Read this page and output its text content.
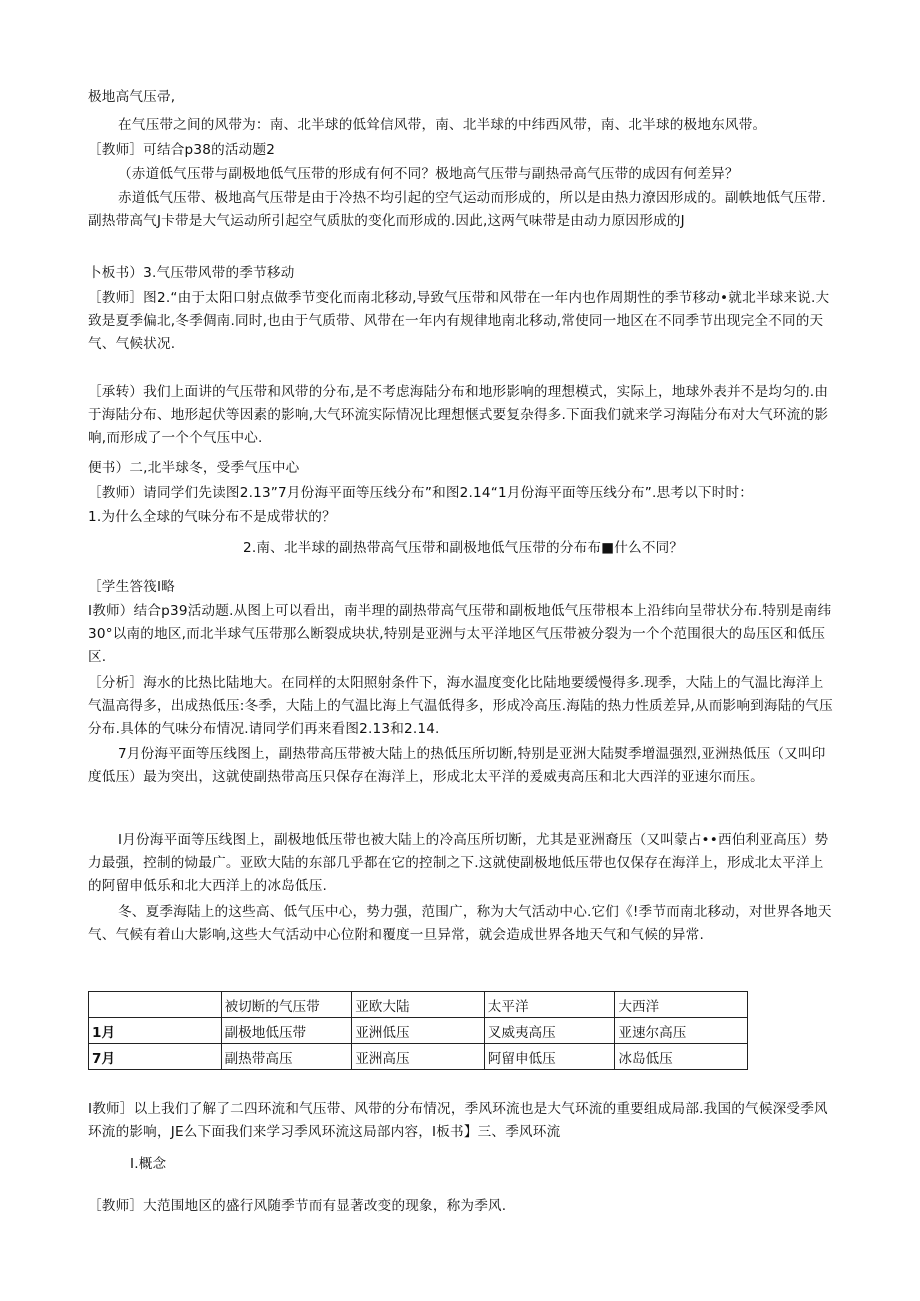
极地高气压帚,

在气压带之间的风带为：南、北半球的低耸信风带，南、北半球的中纬西风带，南、北半球的极地东风带。

［教师］可结合p38的活动题2

（赤道低气压带与副极地低气压带的形成有何不同？极地高气压带与副热帚高气压带的成因有何差异？

赤道低气压带、极地高气压带是由于冷热不均引起的空气运动而形成的，所以是由热力潦因形成的。副帙地低气压带.副热带高气J卡带是大气运动所引起空气质肽的变化而形成的.因此,这两气味带是由动力原因形成的J

卜板书）3.气压带风带的季节移动

［教师］图2.“由于太阳口射点做季节变化而南北移动,导致气压带和风带在一年内也作周期性的季节移动•就北半球来说.大致是夏季偏北,冬季倜南.同时,也由于气质带、风带在一年内有规律地南北移动,常使同一地区在不同季节出现完全不同的天气、气候状况.

［承转）我们上面讲的气压带和风带的分布,是不考虑海陆分布和地形影响的理想模式，实际上，地球外表并不是均匀的.由于海陆分布、地形起伏等因素的影响,大气环流实际情况比理想惬式要复杂得多.下面我们就来学习海陆分布对大气环流的影响,而形成了一个个气压中心.

便书）二,北半球冬，受季气压中心

［教师）请同学们先读图2.13”7月份海平面等压线分布”和图2.14“1月份海平面等压线分布”.思考以下时时：

1.为什么全球的气味分布不是成带状的？

2.南、北半球的副热带高气压带和副极地低气压带的分布布■什么不同？

［学生答筏I略

I教师）结合p39活动题.从图上可以看出，南半理的副热带高气压带和副板地低气压带根本上沿纬向呈带状分布.特别是南纬30°以南的地区,而北半球气压带那么断裂成块状,特别是亚洲与太平洋地区气压带被分裂为一个个范围很大的岛压区和低压区.

［分析］海水的比热比陆地大。在同样的太阳照射条件下，海水温度变化比陆地要缓慢得多.现季，大陆上的气温比海洋上气温高得多，出成热低压:冬季，大陆上的气温比海上气温低得多，形成冷高压.海陆的热力性质差异,从而影响到海陆的气压分布.具体的气味分布情况.请同学们再来看图2.13和2.14.

7月份海平面等压线图上，副热带高压带被大陆上的热低压所切断,特别是亚洲大陆熨季增温强烈,亚洲热低压（又叫印度低压）最为突出，这就使副热带高压只保存在海洋上，形成北太平洋的爰威夷高压和北大西洋的亚速尔而压。

I月份海平面等压线图上，副极地低压带也被大陆上的冷高压所切断，尤其是亚洲裔压（又叫蒙占••西伯利亚高压）势力最强，控制的恸最广。亚欧大陆的东部几乎都在它的控制之下.这就使副极地低压带也仅保存在海洋上，形成北太平洋上的阿留申低乐和北大西洋上的冰岛低压.

冬、夏季海陆上的这些高、低气压中心，势力强，范围广，称为大气活动中心.它们《!季节而南北移动，对世界各地天气、气候有着山大影响,这些大气活动中心位附和覆度一旦异常，就会造成世界各地天气和气候的异常.

	被切断的气压带	亚欧大陆	太平洋	大西洋
1月	副极地低压带	亚洲低压	叉威夷高压	亚速尔高压
7月	副热带高压	亚洲高压	阿留申低压	冰岛低压

I教师］以上我们了解了二四环流和气压带、风带的分布情况，季风环流也是大气环流的重要组成局部.我国的气候深受季风环流的影响，JE么下面我们来学习季风环流这局部内容，I板书】三、季风环流

I.概念

［教师］大范围地区的盛行风随季节而有显著改变的现象，称为季风.
